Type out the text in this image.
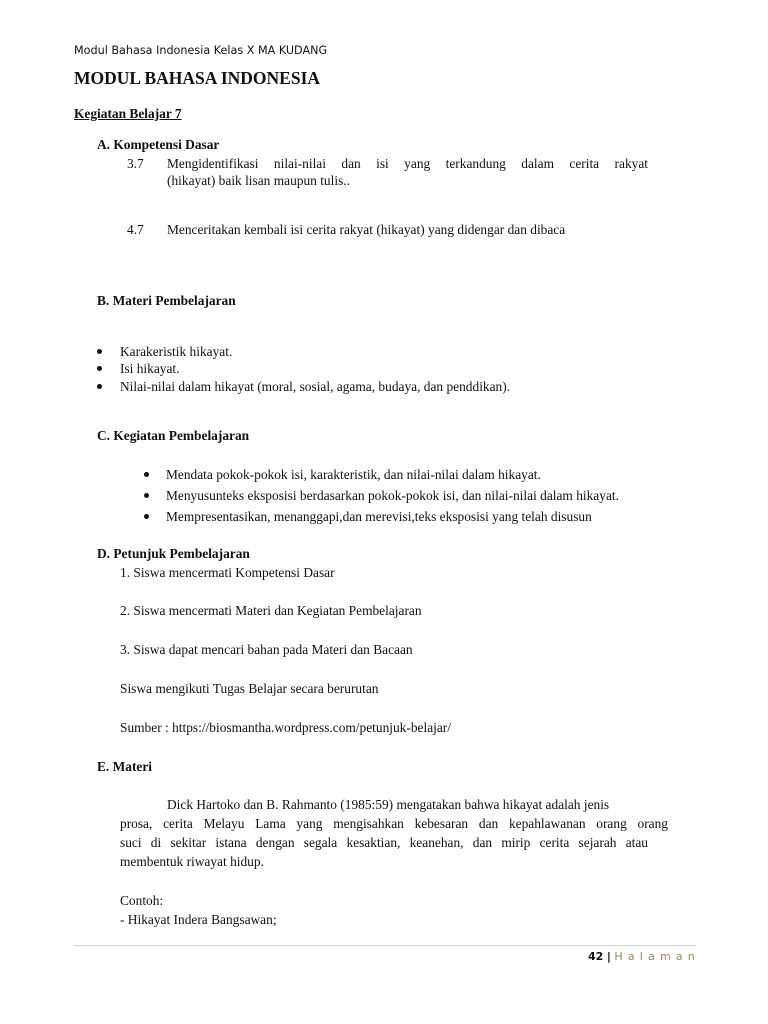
Modul Bahasa Indonesia Kelas X MA KUDANG
MODUL BAHASA INDONESIA
Kegiatan Belajar 7
A. Kompetensi Dasar
3.7 Mengidentifikasi nilai-nilai dan isi yang terkandung dalam cerita rakyat
(hikayat) baik lisan maupun tulis..
4.7 Menceritakan kembali isi cerita rakyat (hikayat) yang didengar dan dibaca
B. Materi Pembelajaran
Karakeristik hikayat.
Isi hikayat.
Nilai-nilai dalam hikayat (moral, sosial, agama, budaya, dan penddikan).
C. Kegiatan Pembelajaran
Mendata pokok-pokok isi, karakteristik, dan nilai-nilai dalam hikayat.
Menyusunteks eksposisi berdasarkan pokok-pokok isi, dan nilai-nilai dalam hikayat.
Mempresentasikan, menanggapi,dan merevisi,teks eksposisi yang telah disusun
D. Petunjuk Pembelajaran
1. Siswa mencermati Kompetensi Dasar
2. Siswa mencermati Materi dan Kegiatan Pembelajaran
3. Siswa dapat mencari bahan pada Materi dan Bacaan
Siswa mengikuti Tugas Belajar secara berurutan
Sumber : https://biosmantha.wordpress.com/petunjuk-belajar/
E. Materi
Dick Hartoko dan B. Rahmanto (1985:59) mengatakan bahwa hikayat adalah jenis
prosa, cerita Melayu Lama yang mengisahkan kebesaran dan kepahlawanan orang orang
suci di sekitar istana dengan segala kesaktian, keanehan, dan mirip cerita sejarah atau
membentuk riwayat hidup.
Contoh:
- Hikayat Indera Bangsawan;
42 | Halaman
